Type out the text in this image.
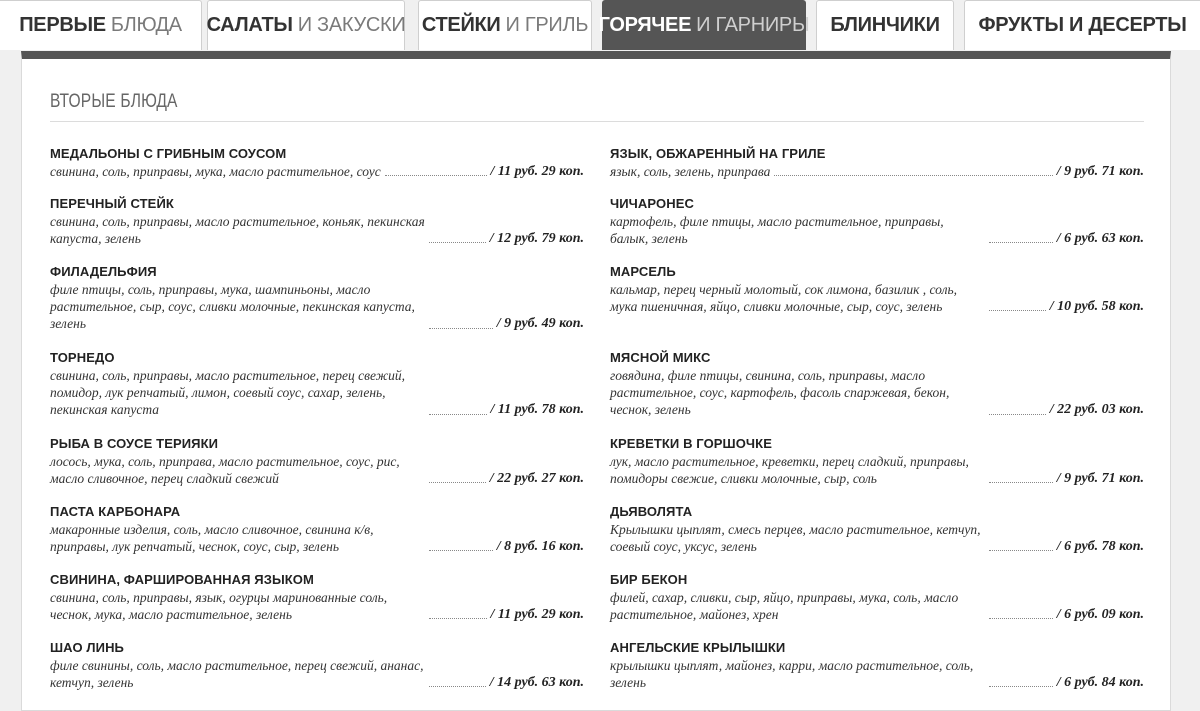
ПЕРВЫЕ БЛЮДА САЛАТЫ И ЗАКУСКИ СТЕЙКИ И ГРИЛЬ ГОРЯЧЕЕ И ГАРНИРЫ БЛИНЧИКИ ФРУКТЫ И ДЕСЕРТЫ
ВТОРЫЕ БЛЮДА
МЕДАЛЬОНЫ С ГРИБНЫМ СОУСОМ
свинина, соль, приправы, мука, масло растительное, соус	/ 11 руб. 29 коп.
ПЕРЕЧНЫЙ СТЕЙК
свинина, соль, приправы, масло растительное, коньяк, пекинская капуста, зелень	/ 12 руб. 79 коп.
ФИЛАДЕЛЬФИЯ
филе птицы, соль, приправы, мука, шампиньоны, масло растительное, сыр, соус, сливки молочные, пекинская капуста, зелень	/ 9 руб. 49 коп.
ТОРНЕДО
свинина, соль, приправы, масло растительное, перец свежий, помидор, лук репчатый, лимон, соевый соус, сахар, зелень, пекинская капуста	/ 11 руб. 78 коп.
РЫБА В СОУСЕ ТЕРИЯКИ
лосось, мука, соль, приправа, масло растительное, соус, рис, масло сливочное, перец сладкий свежий	/ 22 руб. 27 коп.
ПАСТА КАРБОНАРА
макаронные изделия, соль, масло сливочное, свинина к/в, приправы, лук репчатый, чеснок, соус, сыр, зелень	/ 8 руб. 16 коп.
СВИНИНА, ФАРШИРОВАННАЯ ЯЗЫКОМ
свинина, соль, приправы, язык, огурцы маринованные соль, чеснок, мука, масло растительное, зелень	/ 11 руб. 29 коп.
ШАО ЛИНЬ
филе свинины, соль, масло растительное, перец свежий, ананас, кетчуп, зелень	/ 14 руб. 63 коп.
ЯЗЫК, ОБЖАРЕННЫЙ НА ГРИЛЕ
язык, соль, зелень, приправа	/ 9 руб. 71 коп.
ЧИЧАРОНЕС
картофель, филе птицы, масло растительное, приправы, балык, зелень	/ 6 руб. 63 коп.
МАРСЕЛЬ
кальмар, перец черный молотый, сок лимона, базилик , соль, мука пшеничная, яйцо, сливки молочные, сыр, соус, зелень	/ 10 руб. 58 коп.
МЯСНОЙ МИКС
говядина, филе птицы, свинина, соль, приправы, масло растительное, соус, картофель, фасоль спаржевая, бекон, чеснок, зелень	/ 22 руб. 03 коп.
КРЕВЕТКИ В ГОРШОЧКЕ
лук, масло растительное, креветки, перец сладкий, приправы, помидоры свежие, сливки молочные, сыр, соль	/ 9 руб. 71 коп.
ДЬЯВОЛЯТА
Крылышки цыплят, смесь перцев, масло растительное, кетчуп, соевый соус, уксус, зелень	/ 6 руб. 78 коп.
БИР БЕКОН
филей, сахар, сливки, сыр, яйцо, приправы, мука, соль, масло растительное, майонез, хрен	/ 6 руб. 09 коп.
АНГЕЛЬСКИЕ КРЫЛЫШКИ
крылышки цыплят, майонез, карри, масло растительное, соль, зелень	/ 6 руб. 84 коп.
